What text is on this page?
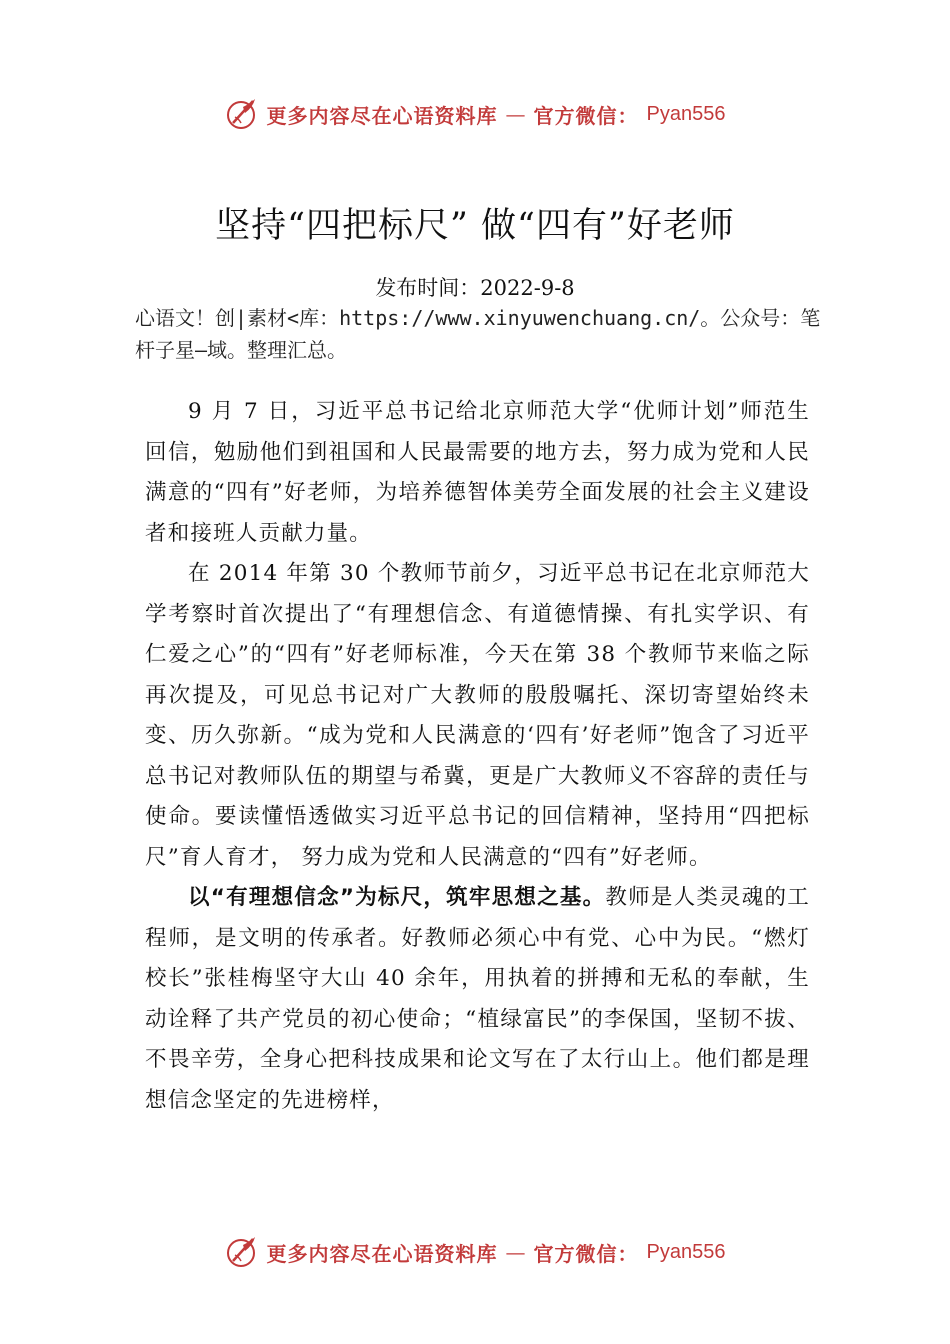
更多内容尽在心语资料库 — 官方微信： Pyan556
坚持“四把标尺” 做“四有”好老师
发布时间：2022-9-8
心语文！创|素材<库：https://www.xinyuwenchuang.cn/。公众号：笔杆子星—域。整理汇总。

9 月 7 日，习近平总书记给北京师范大学“优师计划”师范生回信，勉励他们到祖国和人民最需要的地方去，努力成为党和人民满意的“四有”好老师，为培养德智体美劳全面发展的社会主义建设者和接班人贡献力量。

在 2014 年第 30 个教师节前夕，习近平总书记在北京师范大学考察时首次提出了“有理想信念、有道德情操、有扎实学识、有仁爱之心”的“四有”好老师标准，今天在第 38 个教师节来临之际再次提及，可见总书记对广大教师的殷殷嘱托、深切寄望始终未变、历久弥新。“成为党和人民满意的‘四有’好老师”饱含了习近平总书记对教师队伍的期望与希冀，更是广大教师义不容辞的责任与使命。要读懂悟透做实习近平总书记的回信精神，坚持用“四把标尺”育人育才， 努力成为党和人民满意的“四有”好老师。

以“有理想信念”为标尺，筑牢思想之基。教师是人类灵魂的工程师，是文明的传承者。好教师必须心中有党、心中为民。“燃灯校长”张桂梅坚守大山 40 余年，用执着的拼搏和无私的奉献，生动诠释了共产党员的初心使命；“植绿富民”的李保国，坚韧不拔、不畏辛劳，全身心把科技成果和论文写在了太行山上。他们都是理想信念坚定的先进榜样，

更多内容尽在心语资料库 — 官方微信： Pyan556
